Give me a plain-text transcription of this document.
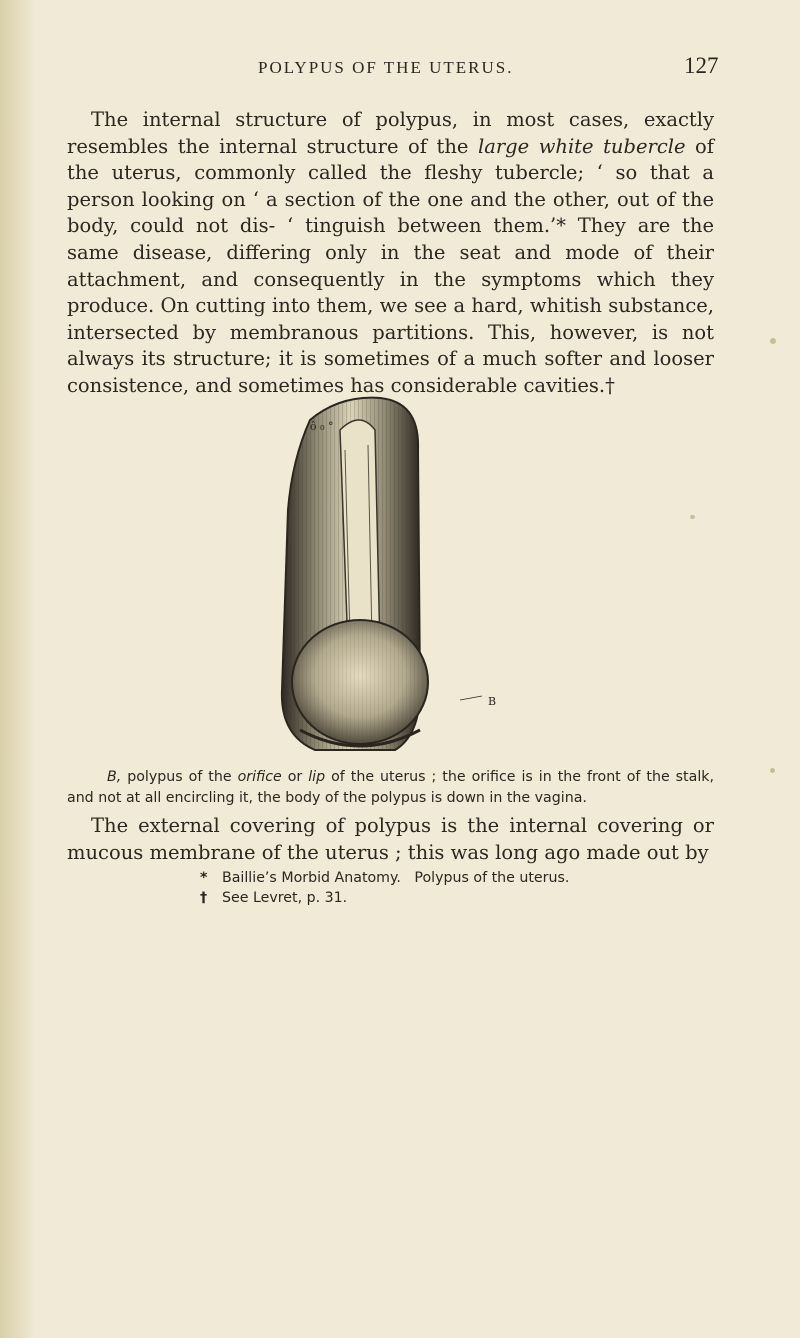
POLYPUS OF THE UTERUS.	127

The internal structure of polypus, in most cases, exactly resembles the internal structure of the large white tubercle of the uterus, commonly called the fleshy tubercle; ‘ so that a person looking on ‘ a section of the one and the other, out of the body, could not dis- ‘ tinguish between them.’* They are the same disease, differing only in the seat and mode of their attachment, and consequently in the symptoms which they produce. On cutting into them, we see a hard, whitish substance, intersected by membranous partitions. This, however, is not always its structure; it is sometimes of a much softer and looser consistence, and sometimes has considerable cavities.†

ô ₀ °
B
B, polypus of the orifice or lip of the uterus ; the orifice is in the front of the stalk, and not at all encircling it, the body of the polypus is down in the vagina.

The external covering of polypus is the internal covering or mucous membrane of the uterus ; this was long ago made out by

* Baillie’s Morbid Anatomy.   Polypus of the uterus.
† See Levret, p. 31.
